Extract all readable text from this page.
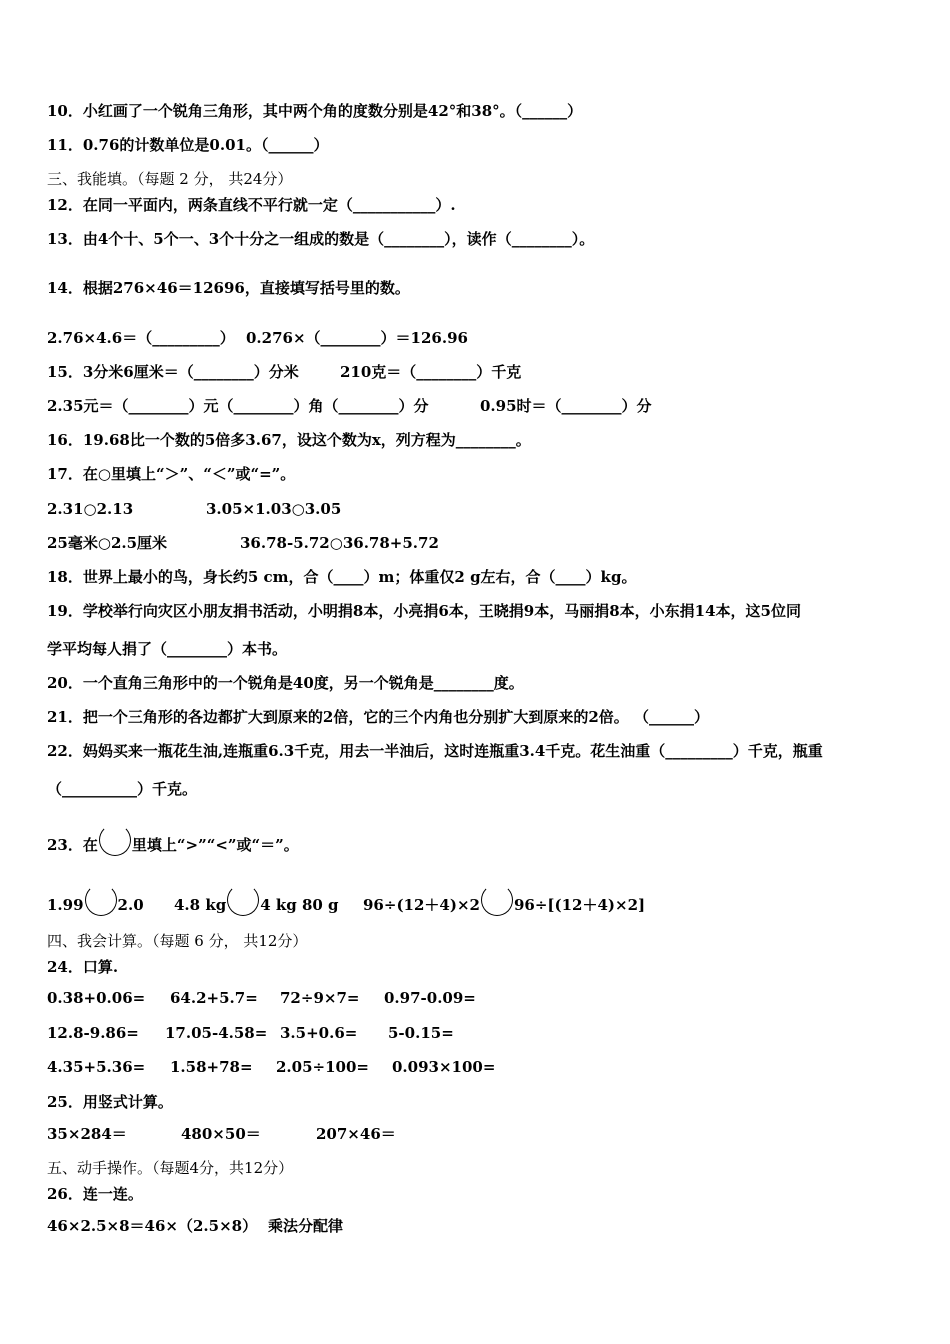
10．小红画了一个锐角三角形，其中两个角的度数分别是42°和38°。（______）
11．0.76的计数单位是0.01。（______）
三、我能填。（每题 2 分， 共24分）
12．在同一平面内，两条直线不平行就一定（___________）.
13．由4个十、5个一、3个十分之一组成的数是（________），读作（________）。
14．根据276×46＝12696，直接填写括号里的数。
2.76×4.6＝（_________） 0.276×（________）＝126.96
15．3分米6厘米＝（________）分米	210克＝（________）千克
2.35元＝（________）元（________）角（________）分	0.95时＝（________）分
16．19.68比一个数的5倍多3.67，设这个数为x，列方程为________。
17．在○里填上“＞”、“＜”或“=”。
2.31○2.13	3.05×1.03○3.05
25毫米○2.5厘米	36.78-5.72○36.78+5.72
18．世界上最小的鸟，身长约5 cm，合（____）m；体重仅2 g左右，合（____）kg。
19．学校举行向灾区小朋友捐书活动，小明捐8本，小亮捐6本，王晓捐9本，马丽捐8本，小东捐14本，这5位同
学平均每人捐了（________）本书。
20．一个直角三角形中的一个锐角是40度，另一个锐角是________度。
21．把一个三角形的各边都扩大到原来的2倍，它的三个内角也分别扩大到原来的2倍。 （______）
22．妈妈买来一瓶花生油,连瓶重6.3千克，用去一半油后，这时连瓶重3.4千克。花生油重（_________）千克，瓶重
（__________）千克。
23．在 里填上“>”“<”或“＝”。
1.99 2.0 4.8 kg 4 kg 80 g 96÷(12＋4)×2 96÷[(12＋4)×2]
四、我会计算。（每题 6 分， 共12分）
24．口算.
0.38+0.06= 64.2+5.7= 72÷9×7= 0.97-0.09=
12.8-9.86= 17.05-4.58= 3.5+0.6= 5-0.15=
4.35+5.36= 1.58+78= 2.05÷100= 0.093×100=
25．用竖式计算。
35×284＝	480×50＝	207×46＝
五、动手操作。（每题4分，共12分）
26．连一连。
46×2.5×8＝46×（2.5×8） 乘法分配律
